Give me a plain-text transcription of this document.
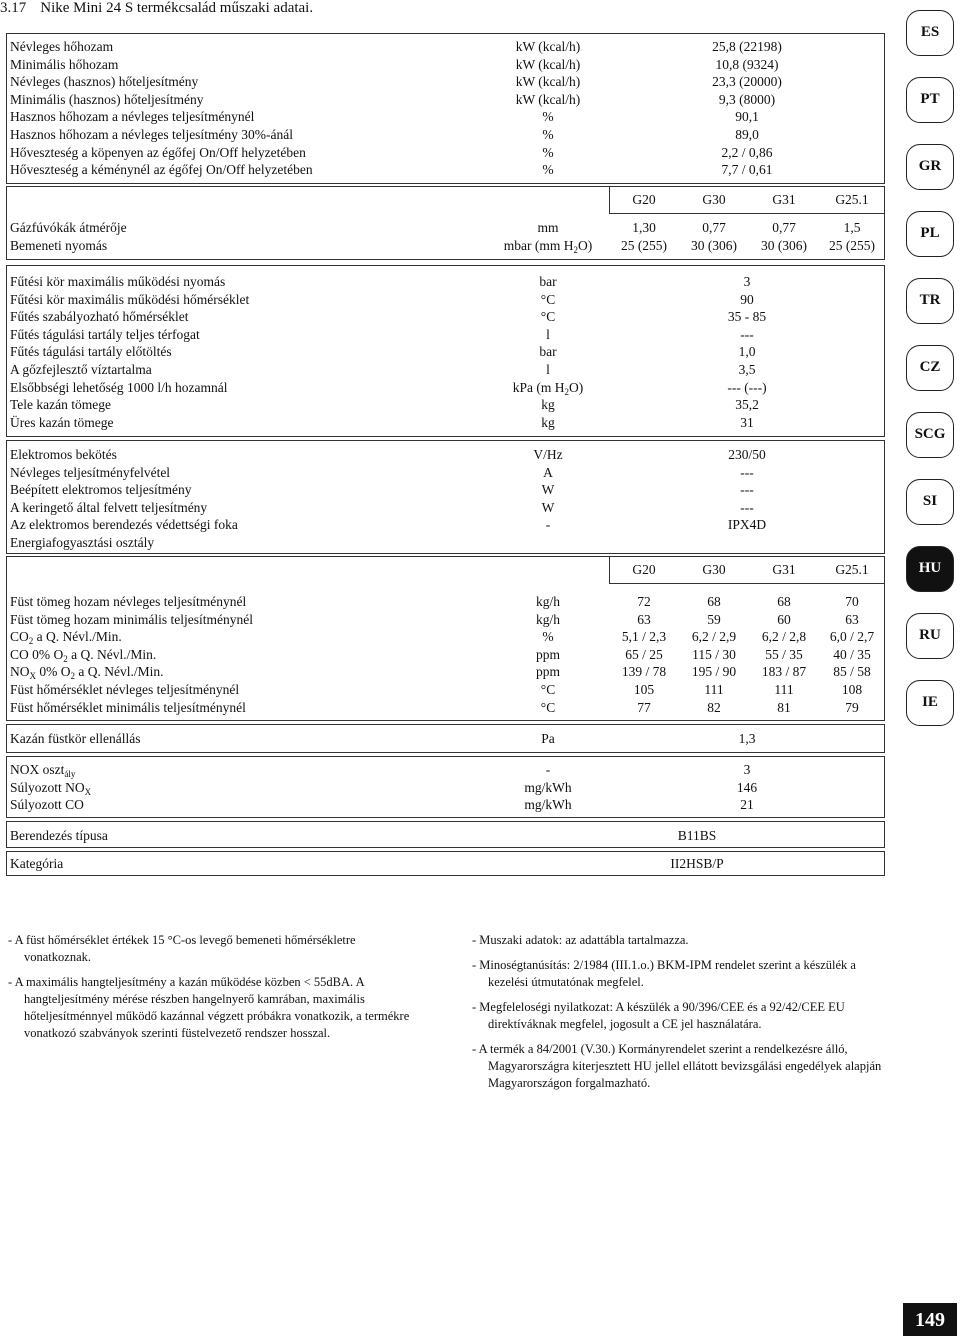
3.17 Nike Mini 24 S termékcsalád műszaki adatai.
Névleges hőhozam	kW (kcal/h)	25,8 (22198)
Minimális hőhozam	kW (kcal/h)	10,8 (9324)
Névleges (hasznos) hőteljesítmény	kW (kcal/h)	23,3 (20000)
Minimális (hasznos) hőteljesítmény	kW (kcal/h)	9,3 (8000)
Hasznos hőhozam a névleges teljesítménynél	%	90,1
Hasznos hőhozam a névleges teljesítmény 30%-ánál	%	89,0
Hőveszteség a köpenyen az égőfej On/Off helyzetében	%	2,2 / 0,86
Hőveszteség a kéménynél az égőfej On/Off helyzetében	%	7,7 / 0,61
G20	G30	G31	G25.1
Gázfúvókák átmérője	mm	1,30	0,77	0,77	1,5
Bemeneti nyomás	mbar (mm $H_2O$)	25 (255)	30 (306)	30 (306)	25 (255)
Fűtési kör maximális működési nyomás	bar	3
Fűtési kör maximális működési hőmérséklet	°C	90
Fűtés szabályozható hőmérséklet	°C	35 - 85
Fűtés tágulási tartály teljes térfogat	l	---
Fűtés tágulási tartály előtöltés	bar	1,0
A gőzfejlesztő víztartalma	l	3,5
Elsőbbségi lehetőség 1000 l/h hozamnál	kPa (m $H_2O$)	--- (---)
Tele kazán tömege	kg	35,2
Üres kazán tömege	kg	31
Elektromos bekötés	V/Hz	230/50
Névleges teljesítményfelvétel	A	---
Beépített elektromos teljesítmény	W	---
A keringető által felvett teljesítmény	W	---
Az elektromos berendezés védettségi foka	-	IPX4D
Energiafogyasztási osztály
G20	G30	G31	G25.1
Füst tömeg hozam névleges teljesítménynél	kg/h	72	68	68	70
Füst tömeg hozam minimális teljesítménynél	kg/h	63	59	60	63
$CO_2$ a Q. Névl./Min.	%	5,1 / 2,3	6,2 / 2,9	6,2 / 2,8	6,0 / 2,7
CO 0% $O_2$ a Q. Névl./Min.	ppm	65 / 25	115 / 30	55 / 35	40 / 35
$NO_X$ 0% $O_2$ a Q. Névl./Min.	ppm	139 / 78	195 / 90	183 / 87	85 / 58
Füst hőmérséklet névleges teljesítménynél	°C	105	111	111	108
Füst hőmérséklet minimális teljesítménynél	°C	77	82	81	79
Kazán füstkör ellenállás	Pa	1,3
NOX oszt$_{ály}$	-	3
Súlyozott $NO_X$	mg/kWh	146
Súlyozott CO	mg/kWh	21
Berendezés típusa	B11BS
Kategória	II2HSB/P

- A füst hőmérséklet értékek 15 °C-os levegő bemeneti hőmérsékletre vonatkoznak.

- A maximális hangteljesítmény a kazán működése közben < 55dBA. A hangteljesítmény mérése részben hangelnyerő kamrában, maximális hőteljesítménnyel működő kazánnal végzett próbákra vonatkozik, a termékre vonatkozó szabványok szerinti füstelvezető rendszer hosszal.

- Muszaki adatok: az adattábla tartalmazza.

- Minoségtanúsítás: 2/1984 (III.1.o.) BKM-IPM rendelet szerint a készülék a kezelési útmutatónak megfelel.

- Megfeleloségi nyilatkozat: A készülék a 90/396/CEE és a 92/42/CEE EU direktíváknak megfelel, jogosult a CE jel használatára.

- A termék a 84/2001 (V.30.) Kormányrendelet szerint a rendelkezésre álló, Magyarországra kiterjesztett HU jellel ellátott bevizsgálási engedélyek alapján Magyarországon forgalmazható.

ES
PT
GR
PL
TR
CZ
SCG
SI
HU
RU
IE
149
